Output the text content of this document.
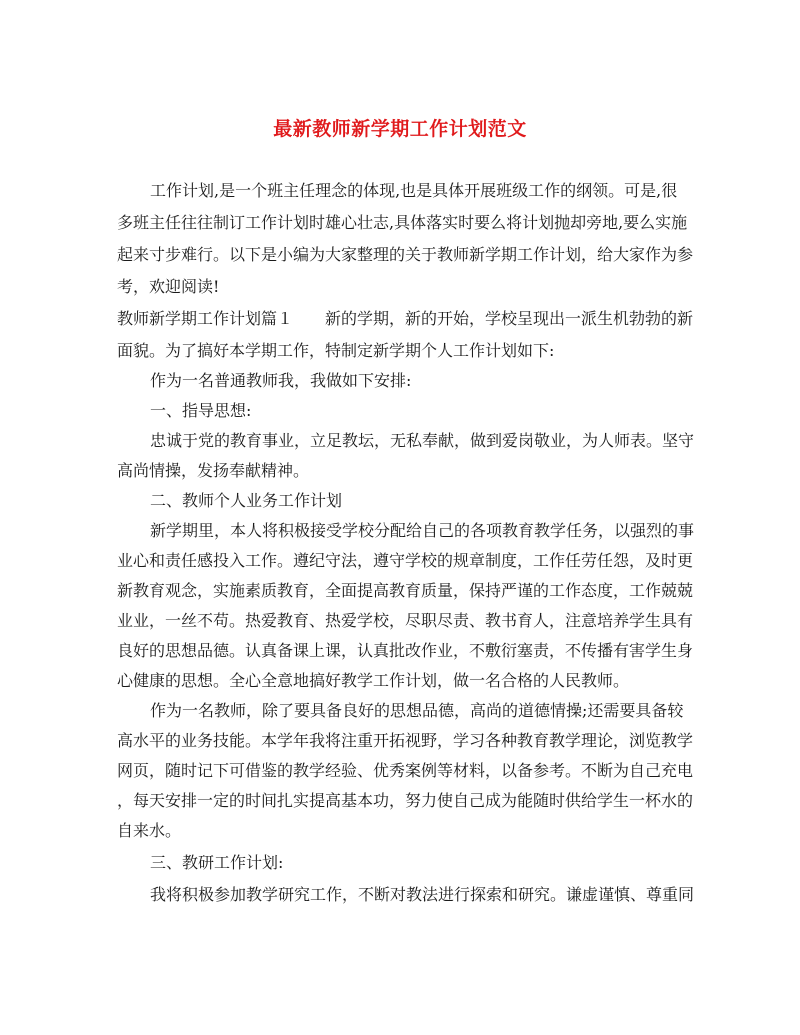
最新教师新学期工作计划范文
工作计划,是一个班主任理念的体现,也是具体开展班级工作的纲领。可是,很
多班主任往往制订工作计划时雄心壮志,具体落实时要么将计划抛却旁地,要么实施
起来寸步难行。以下是小编为大家整理的关于教师新学期工作计划，给大家作为参
考，欢迎阅读!
教师新学期工作计划篇１　　新的学期，新的开始，学校呈现出一派生机勃勃的新
面貌。为了搞好本学期工作，特制定新学期个人工作计划如下:
作为一名普通教师我，我做如下安排:
一、指导思想:
忠诚于党的教育事业，立足教坛，无私奉献，做到爱岗敬业，为人师表。坚守
高尚情操，发扬奉献精神。
二、教师个人业务工作计划
新学期里，本人将积极接受学校分配给自己的各项教育教学任务，以强烈的事
业心和责任感投入工作。遵纪守法，遵守学校的规章制度，工作任劳任怨，及时更
新教育观念，实施素质教育，全面提高教育质量，保持严谨的工作态度，工作兢兢
业业，一丝不苟。热爱教育、热爱学校，尽职尽责、教书育人，注意培养学生具有
良好的思想品德。认真备课上课，认真批改作业，不敷衍塞责，不传播有害学生身
心健康的思想。全心全意地搞好教学工作计划，做一名合格的人民教师。
作为一名教师，除了要具备良好的思想品德，高尚的道德情操;还需要具备较
高水平的业务技能。本学年我将注重开拓视野，学习各种教育教学理论，浏览教学
网页，随时记下可借鉴的教学经验、优秀案例等材料，以备参考。不断为自己充电
，每天安排一定的时间扎实提高基本功，努力使自己成为能随时供给学生一杯水的
自来水。
三、教研工作计划:
我将积极参加教学研究工作，不断对教法进行探索和研究。谦虚谨慎、尊重同
